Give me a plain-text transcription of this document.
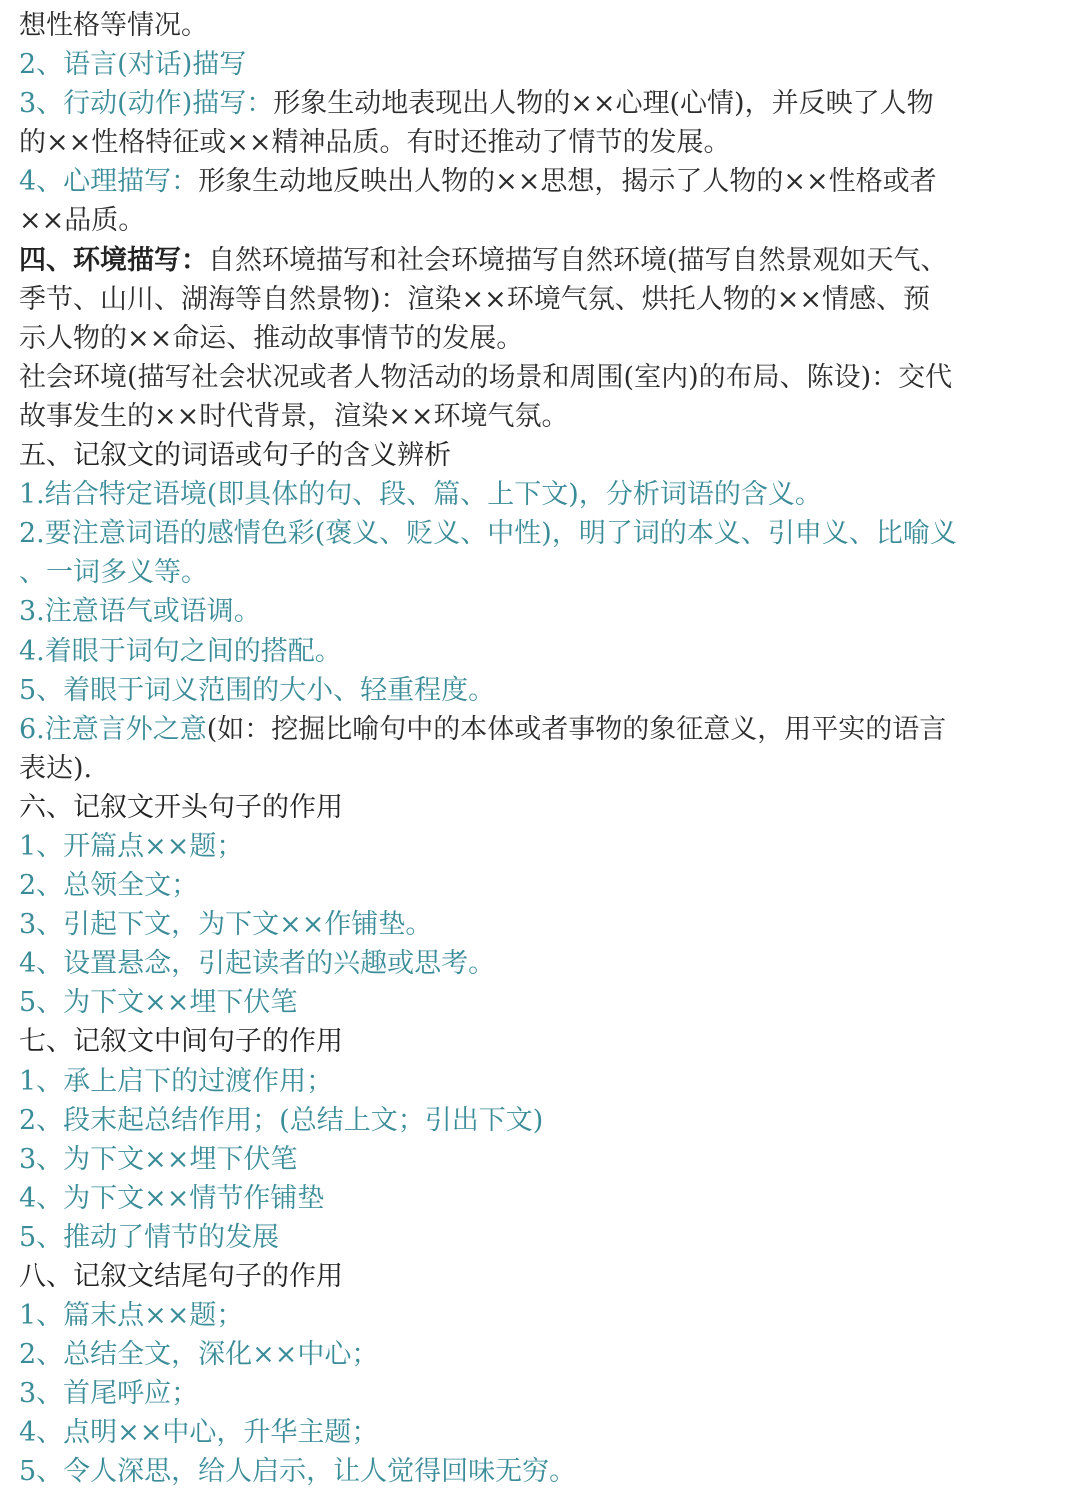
想性格等情况。
2、语言(对话)描写
3、行动(动作)描写：形象生动地表现出人物的××心理(心情)，并反映了人物
的××性格特征或××精神品质。有时还推动了情节的发展。
4、心理描写：形象生动地反映出人物的××思想，揭示了人物的××性格或者
××品质。
四、环境描写：自然环境描写和社会环境描写自然环境(描写自然景观如天气、
季节、山川、湖海等自然景物)：渲染××环境气氛、烘托人物的××情感、预
示人物的××命运、推动故事情节的发展。
社会环境(描写社会状况或者人物活动的场景和周围(室内)的布局、陈设)：交代
故事发生的××时代背景，渲染××环境气氛。
五、记叙文的词语或句子的含义辨析
1.结合特定语境(即具体的句、段、篇、上下文)，分析词语的含义。
2.要注意词语的感情色彩(褒义、贬义、中性)，明了词的本义、引申义、比喻义
、一词多义等。
3.注意语气或语调。
4.着眼于词句之间的搭配。
5、着眼于词义范围的大小、轻重程度。
6.注意言外之意(如：挖掘比喻句中的本体或者事物的象征意义，用平实的语言
表达).
六、记叙文开头句子的作用
1、开篇点××题；
2、总领全文；
3、引起下文，为下文××作铺垫。
4、设置悬念，引起读者的兴趣或思考。
5、为下文××埋下伏笔
七、记叙文中间句子的作用
1、承上启下的过渡作用；
2、段末起总结作用；(总结上文；引出下文)
3、为下文××埋下伏笔
4、为下文××情节作铺垫
5、推动了情节的发展
八、记叙文结尾句子的作用
1、篇末点××题；
2、总结全文，深化××中心；
3、首尾呼应；
4、点明××中心，升华主题；
5、令人深思，给人启示，让人觉得回味无穷。
